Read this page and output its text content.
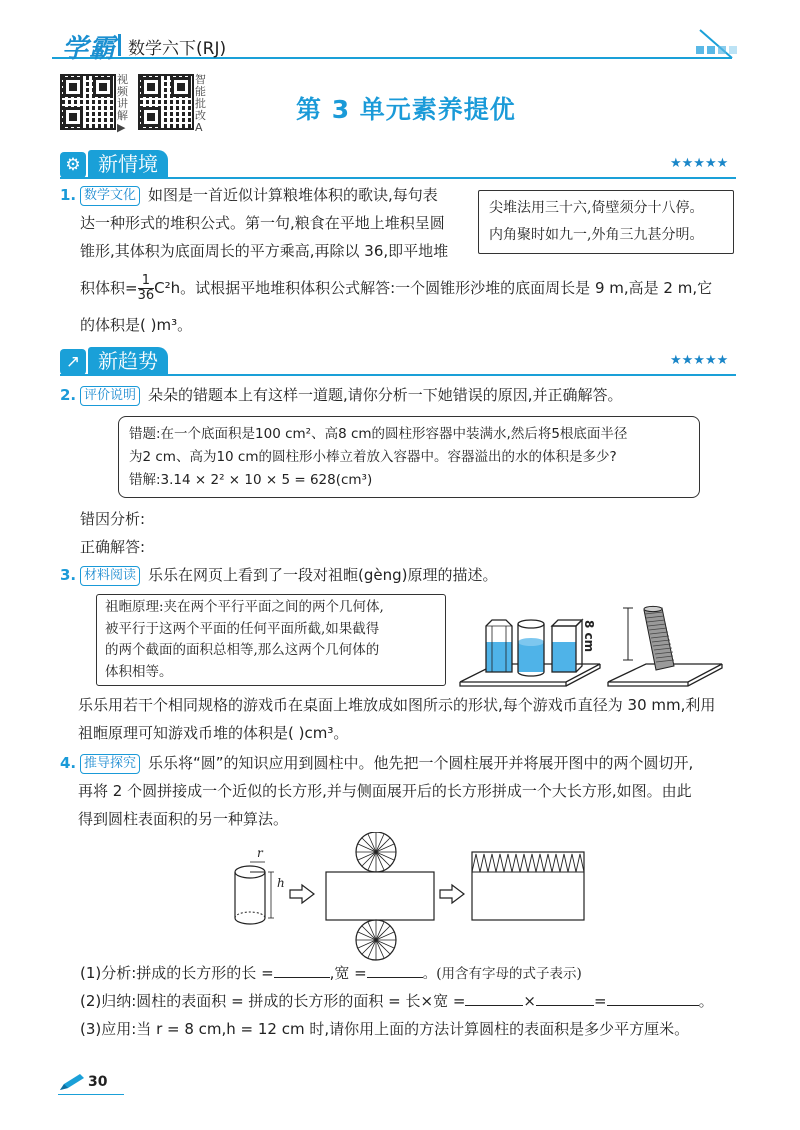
学霸 数学六下(RJ)
视频讲解
▶
智能批改
A
第 3 单元素养提优
⚙ 新情境	★★★★★
1. 数学文化 如图是一首近似计算粮堆体积的歌诀,每句表
达一种形式的堆积公式。第一句,粮食在平地上堆积呈圆
锥形,其体积为底面周长的平方乘高,再除以 36,即平地堆
积体积= $\frac{1}{36} C^2h$。试根据平地堆积体积公式解答:一个圆锥形沙堆的底面周长是 9 m,高是 2 m,它
的体积是( )m³。
尖堆法用三十六,倚壁须分十八停。
内角聚时如九一,外角三九甚分明。
↗ 新趋势	★★★★★
2. 评价说明 朵朵的错题本上有这样一道题,请你分析一下她错误的原因,并正确解答。
错题:在一个底面积是100 cm²、高8 cm的圆柱形容器中装满水,然后将5根底面半径
为2 cm、高为10 cm的圆柱形小棒立着放入容器中。容器溢出的水的体积是多少?
错解:3.14 × 2² × 10 × 5 = 628(cm³)
错因分析:
正确解答:
3. 材料阅读 乐乐在网页上看到了一段对祖暅(gèng)原理的描述。
祖暅原理:夹在两个平行平面之间的两个几何体,
被平行于这两个平面的任何平面所截,如果截得
的两个截面的面积总相等,那么这两个几何体的
体积相等。
8 cm
乐乐用若干个相同规格的游戏币在桌面上堆放成如图所示的形状,每个游戏币直径为 30 mm,利用
祖暅原理可知游戏币堆的体积是( )cm³。
4. 推导探究 乐乐将“圆”的知识应用到圆柱中。他先把一个圆柱展开并将展开图中的两个圆切开,
再将 2 个圆拼接成一个近似的长方形,并与侧面展开后的长方形拼成一个大长方形,如图。由此
得到圆柱表面积的另一种算法。
r
h
(1)分析:拼成的长方形的长 =	,宽 =	。(用含有字母的式子表示)
(2)归纳:圆柱的表面积 = 拼成的长方形的面积 = 长×宽 =	×	=	。
(3)应用:当 r = 8 cm,h = 12 cm 时,请你用上面的方法计算圆柱的表面积是多少平方厘米。
30
